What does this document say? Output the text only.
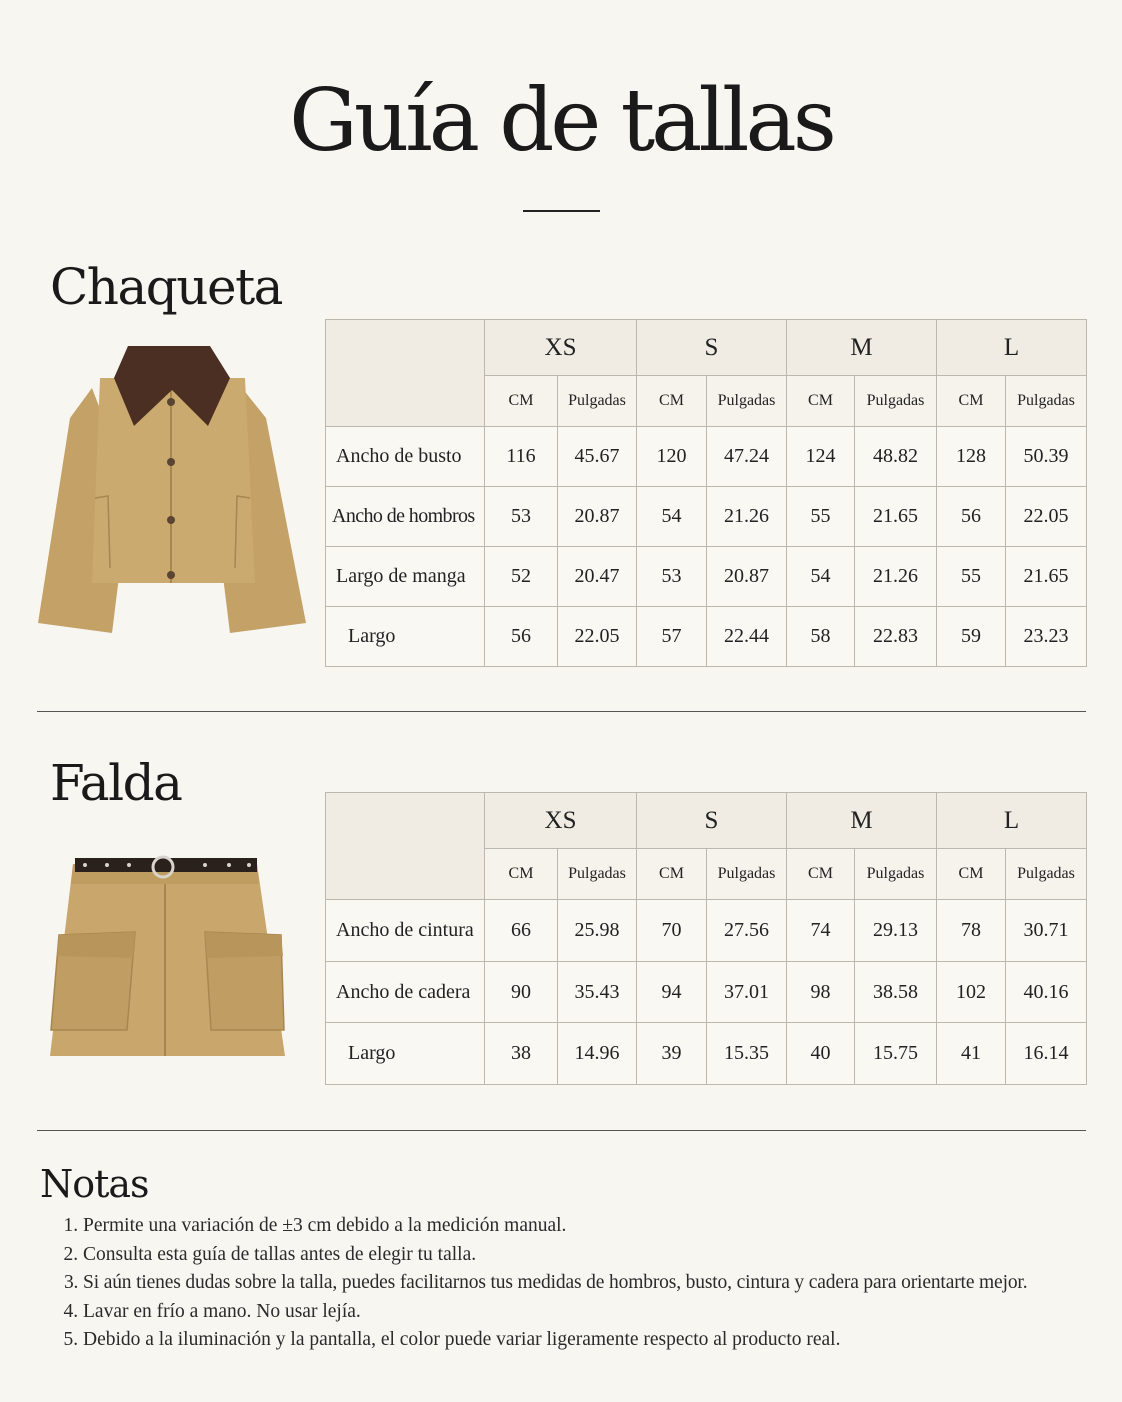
Guía de tallas
Chaqueta
	XS		S		M		L	
	CM	Pulgadas	CM	Pulgadas	CM	Pulgadas	CM	Pulgadas
Ancho de busto	116	45.67	120	47.24	124	48.82	128	50.39
Ancho de hombros	53	20.87	54	21.26	55	21.65	56	22.05
Largo de manga	52	20.47	53	20.87	54	21.26	55	21.65
Largo	56	22.05	57	22.44	58	22.83	59	23.23
Falda
	XS		S		M		L	
	CM	Pulgadas	CM	Pulgadas	CM	Pulgadas	CM	Pulgadas
Ancho de cintura	66	25.98	70	27.56	74	29.13	78	30.71
Ancho de cadera	90	35.43	94	37.01	98	38.58	102	40.16
Largo	38	14.96	39	15.35	40	15.75	41	16.14
Notas
1. Permite una variación de ±3 cm debido a la medición manual.
2. Consulta esta guía de tallas antes de elegir tu talla.
3. Si aún tienes dudas sobre la talla, puedes facilitarnos tus medidas de hombros, busto, cintura y cadera para orientarte mejor.
4. Lavar en frío a mano. No usar lejía.
5. Debido a la iluminación y la pantalla, el color puede variar ligeramente respecto al producto real.
